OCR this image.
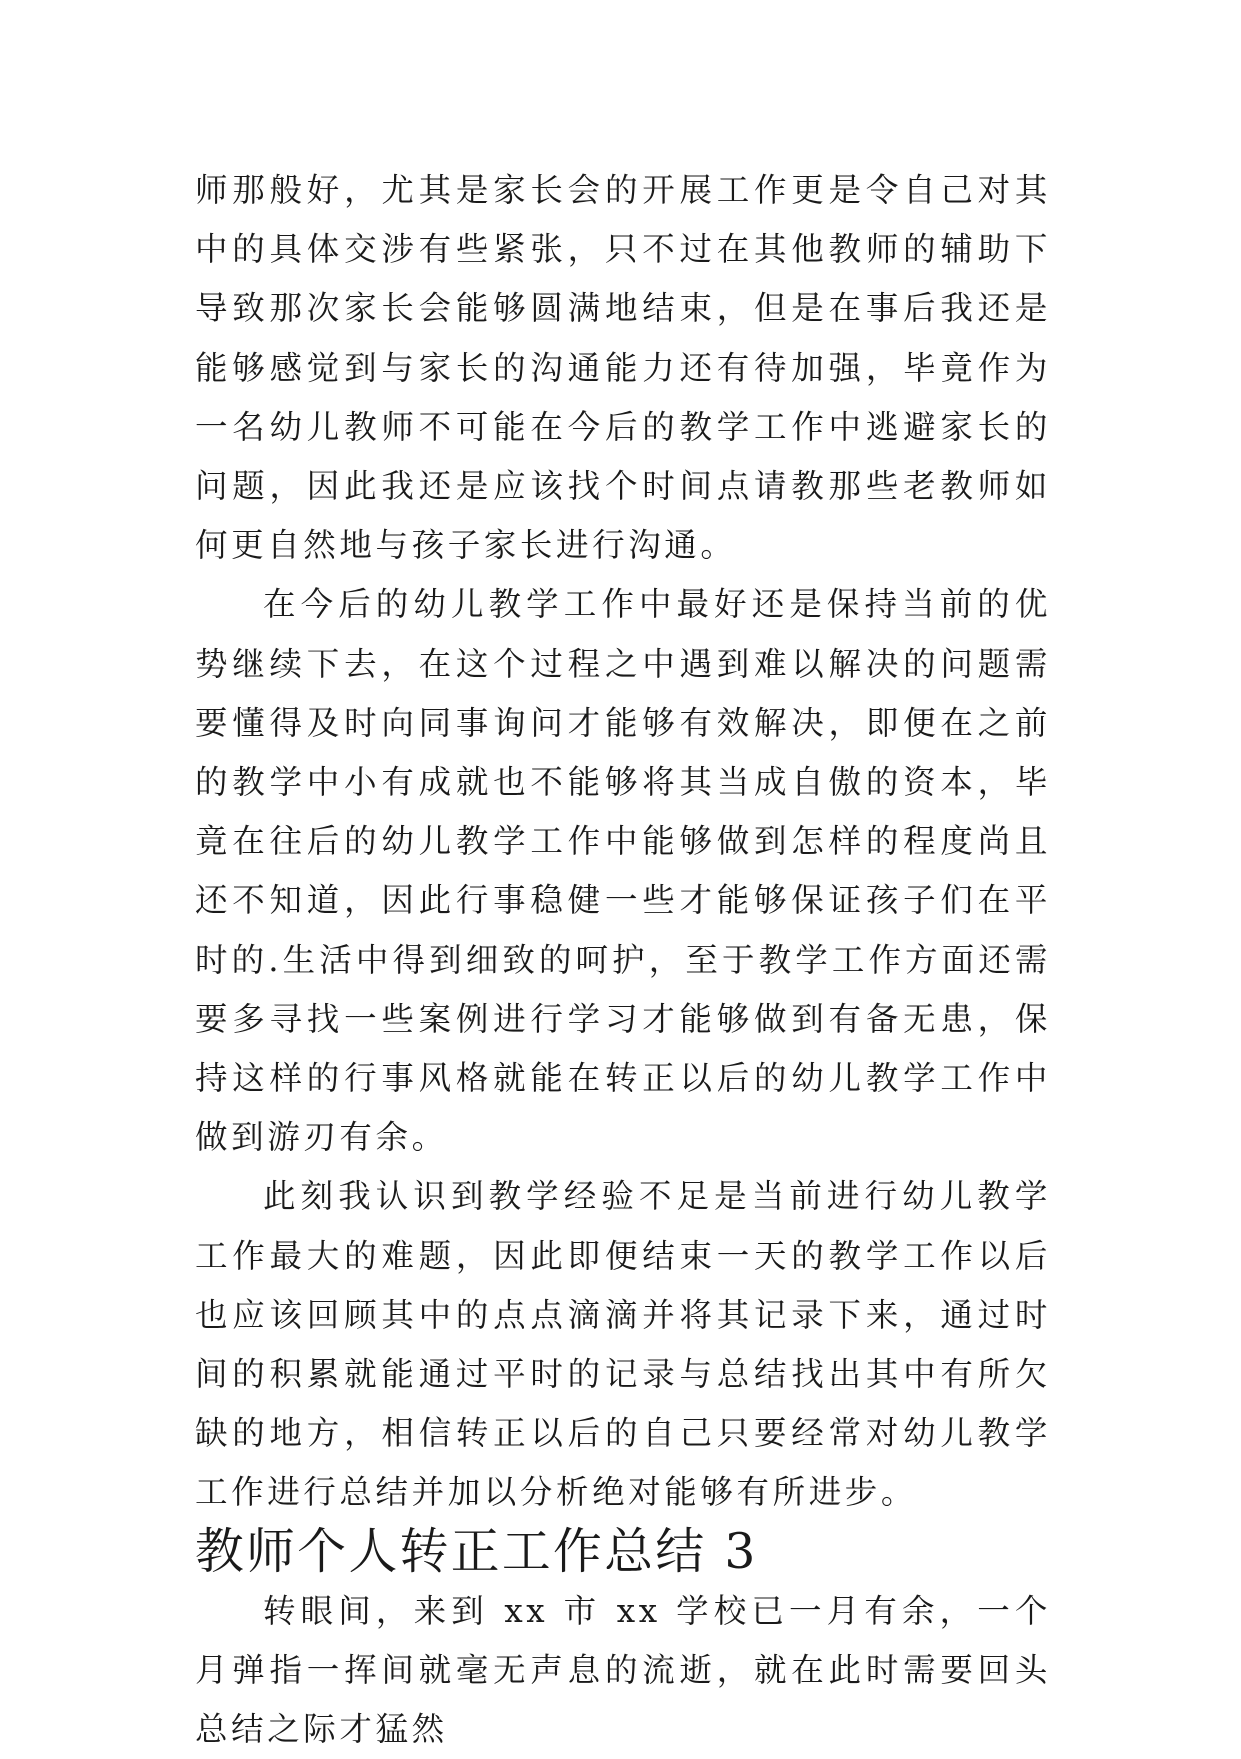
师那般好，尤其是家长会的开展工作更是令自己对其中的具体交涉有些紧张，只不过在其他教师的辅助下导致那次家长会能够圆满地结束，但是在事后我还是能够感觉到与家长的沟通能力还有待加强，毕竟作为一名幼儿教师不可能在今后的教学工作中逃避家长的问题，因此我还是应该找个时间点请教那些老教师如何更自然地与孩子家长进行沟通。

在今后的幼儿教学工作中最好还是保持当前的优势继续下去，在这个过程之中遇到难以解决的问题需要懂得及时向同事询问才能够有效解决，即便在之前的教学中小有成就也不能够将其当成自傲的资本，毕竟在往后的幼儿教学工作中能够做到怎样的程度尚且还不知道，因此行事稳健一些才能够保证孩子们在平时的.生活中得到细致的呵护，至于教学工作方面还需要多寻找一些案例进行学习才能够做到有备无患，保持这样的行事风格就能在转正以后的幼儿教学工作中做到游刃有余。

此刻我认识到教学经验不足是当前进行幼儿教学工作最大的难题，因此即便结束一天的教学工作以后也应该回顾其中的点点滴滴并将其记录下来，通过时间的积累就能通过平时的记录与总结找出其中有所欠缺的地方，相信转正以后的自己只要经常对幼儿教学工作进行总结并加以分析绝对能够有所进步。

教师个人转正工作总结 3

转眼间，来到 xx 市 xx 学校已一月有余，一个月弹指一挥间就毫无声息的流逝，就在此时需要回头总结之际才猛然
